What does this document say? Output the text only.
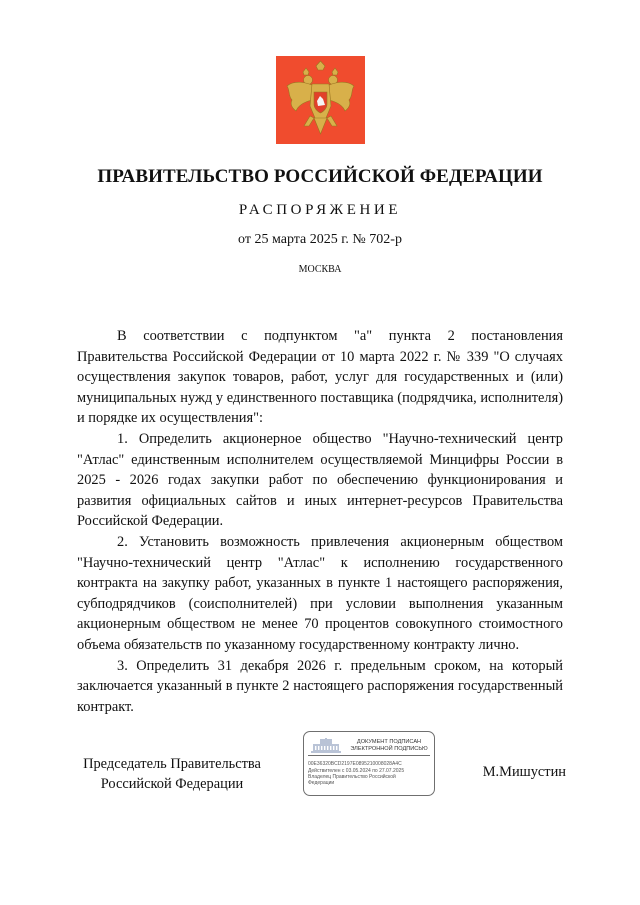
ПРАВИТЕЛЬСТВО РОССИЙСКОЙ ФЕДЕРАЦИИ
РАСПОРЯЖЕНИЕ
от 25 марта 2025 г. № 702-р
МОСКВА

В соответствии с подпунктом "а" пункта 2 постановления Правительства Российской Федерации от 10 марта 2022 г. № 339 "О случаях осуществления закупок товаров, работ, услуг для государственных и (или) муниципальных нужд у единственного поставщика (подрядчика, исполнителя) и порядке их осуществления":

1. Определить акционерное общество "Научно-технический центр "Атлас" единственным исполнителем осуществляемой Минцифры России в 2025 - 2026 годах закупки работ по обеспечению функционирования и развития официальных сайтов и иных интернет-ресурсов Правительства Российской Федерации.

2. Установить возможность привлечения акционерным обществом "Научно-технический центр "Атлас" к исполнению государственного контракта на закупку работ, указанных в пункте 1 настоящего распоряжения, субподрядчиков (соисполнителей) при условии выполнения указанным акционерным обществом не менее 70 процентов совокупного стоимостного объема обязательств по указанному государственному контракту лично.

3. Определить 31 декабря 2026 г. предельным сроком, на который заключается указанный в пункте 2 настоящего распоряжения государственный контракт.

Председатель Правительства
Российской Федерации
ДОКУМЕНТ ПОДПИСАН
ЭЛЕКТРОННОЙ ПОДПИСЬЮ
00E36320BCD2197E0895210008028A4C
Действителен с 03.05.2024 по 27.07.2025
Владелец Правительство Российской
Федерации
М.Мишустин
